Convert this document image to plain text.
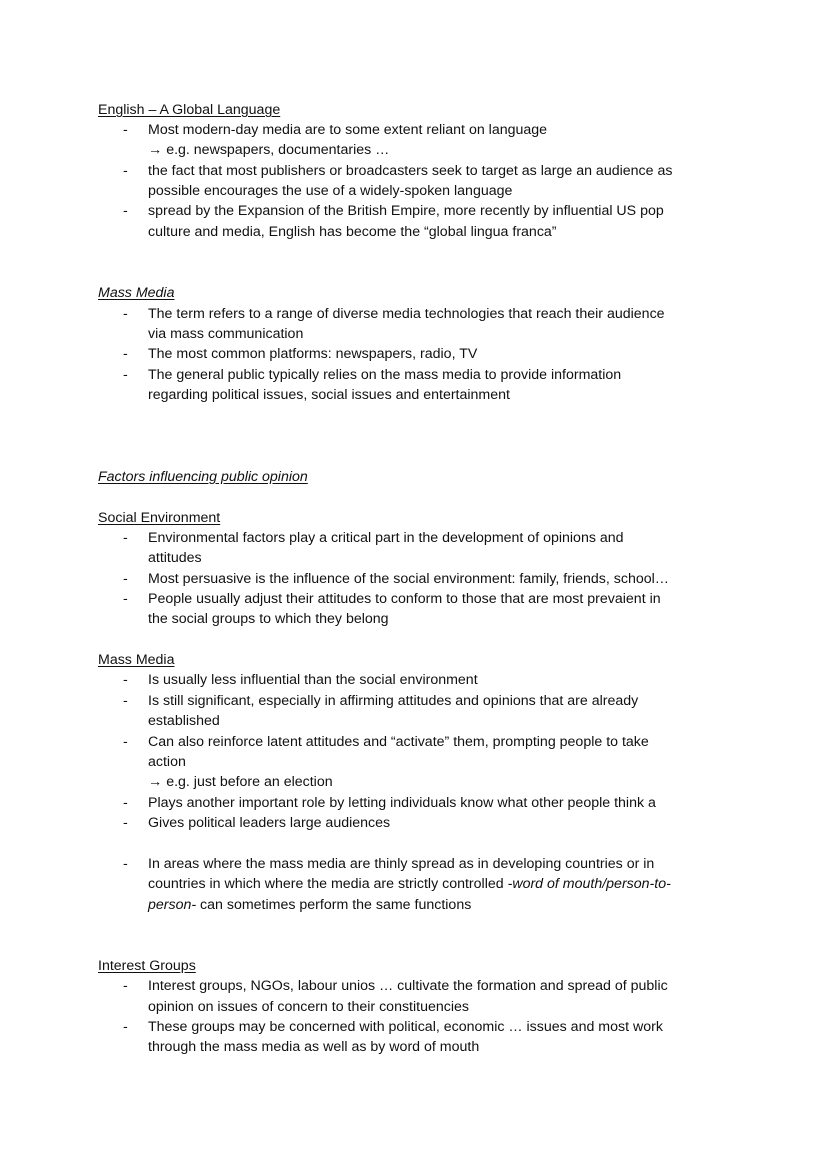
English – A Global Language
- Most modern-day media are to some extent reliant on language
→ e.g. newspapers, documentaries …
- the fact that most publishers or broadcasters seek to target as large an audience as
possible encourages the use of a widely-spoken language
- spread by the Expansion of the British Empire, more recently by influential US pop
culture and media, English has become the “global lingua franca”
Mass Media
- The term refers to a range of diverse media technologies that reach their audience
via mass communication
- The most common platforms: newspapers, radio, TV
- The general public typically relies on the mass media to provide information
regarding political issues, social issues and entertainment
Factors influencing public opinion
Social Environment
- Environmental factors play a critical part in the development of opinions and
attitudes
- Most persuasive is the influence of the social environment: family, friends, school…
- People usually adjust their attitudes to conform to those that are most prevaient in
the social groups to which they belong
Mass Media
- Is usually less influential than the social environment
- Is still significant, especially in affirming attitudes and opinions that are already
established
- Can also reinforce latent attitudes and “activate” them, prompting people to take
action
→ e.g. just before an election
- Plays another important role by letting individuals know what other people think a
- Gives political leaders large audiences
- In areas where the mass media are thinly spread as in developing countries or in
countries in which where the media are strictly controlled -word of mouth/person-to-
person- can sometimes perform the same functions
Interest Groups
- Interest groups, NGOs, labour unios … cultivate the formation and spread of public
opinion on issues of concern to their constituencies
- These groups may be concerned with political, economic … issues and most work
through the mass media as well as by word of mouth
